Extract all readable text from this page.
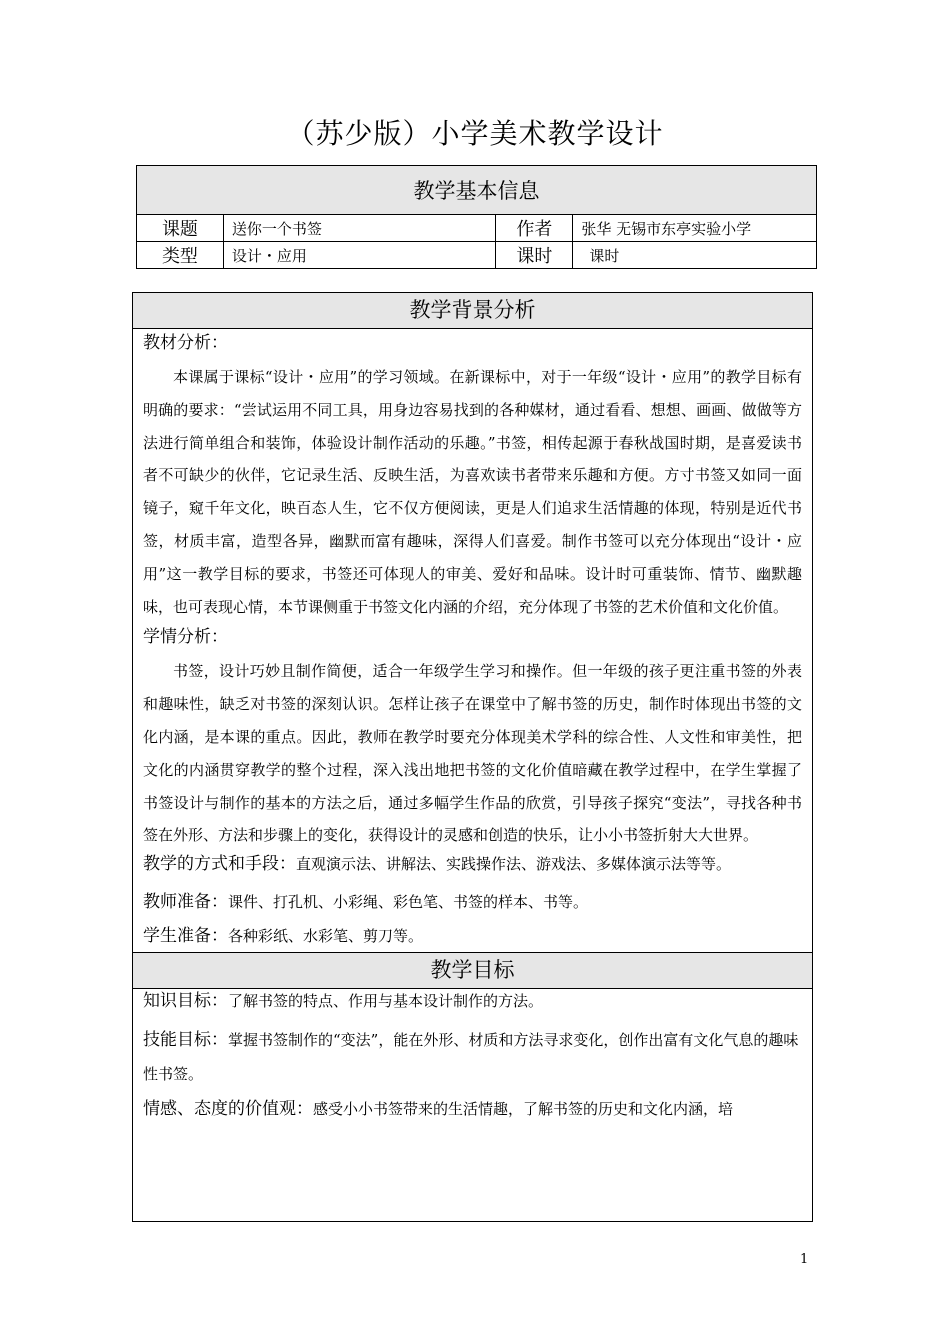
（苏少版）小学美术教学设计
教学基本信息			
课题	送你一个书签	作者	张华 无锡市东亭实验小学
类型	设计・应用	课时	课时
教学背景分析

教材分析：

本课属于课标“设计・应用”的学习领域。在新课标中，对于一年级“设计・应用”的教学目标有明确的要求：“尝试运用不同工具，用身边容易找到的各种媒材，通过看看、想想、画画、做做等方法进行简单组合和装饰，体验设计制作活动的乐趣。”书签，相传起源于春秋战国时期，是喜爱读书者不可缺少的伙伴，它记录生活、反映生活，为喜欢读书者带来乐趣和方便。方寸书签又如同一面镜子，窥千年文化，映百态人生，它不仅方便阅读，更是人们追求生活情趣的体现，特别是近代书签，材质丰富，造型各异，幽默而富有趣味，深得人们喜爱。制作书签可以充分体现出“设计・应用”这一教学目标的要求，书签还可体现人的审美、爱好和品味。设计时可重装饰、情节、幽默趣味，也可表现心情，本节课侧重于书签文化内涵的介绍，充分体现了书签的艺术价值和文化价值。

学情分析：

书签，设计巧妙且制作简便，适合一年级学生学习和操作。但一年级的孩子更注重书签的外表和趣味性，缺乏对书签的深刻认识。怎样让孩子在课堂中了解书签的历史，制作时体现出书签的文化内涵，是本课的重点。因此，教师在教学时要充分体现美术学科的综合性、人文性和审美性，把文化的内涵贯穿教学的整个过程，深入浅出地把书签的文化价值暗藏在教学过程中，在学生掌握了书签设计与制作的基本的方法之后，通过多幅学生作品的欣赏，引导孩子探究“变法”，寻找各种书签在外形、方法和步骤上的变化，获得设计的灵感和创造的快乐，让小小书签折射大大世界。

教学的方式和手段：直观演示法、讲解法、实践操作法、游戏法、多媒体演示法等等。

教师准备：课件、打孔机、小彩绳、彩色笔、书签的样本、书等。

学生准备：各种彩纸、水彩笔、剪刀等。

教学目标

知识目标：了解书签的特点、作用与基本设计制作的方法。

技能目标：掌握书签制作的“变法”，能在外形、材质和方法寻求变化，创作出富有文化气息的趣味性书签。

情感、态度的价值观：感受小小书签带来的生活情趣，了解书签的历史和文化内涵，培

1
